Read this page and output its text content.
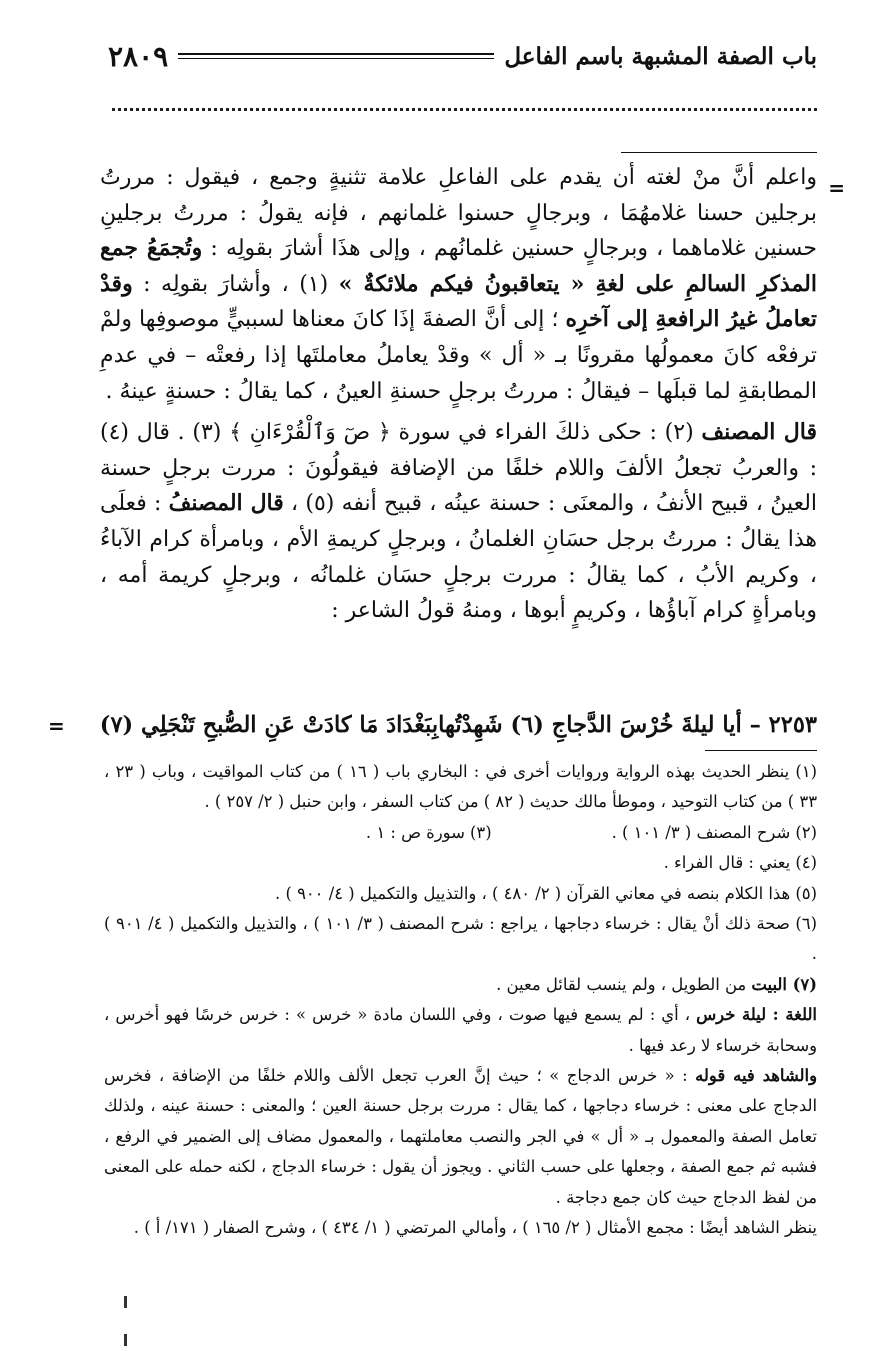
باب الصفة المشبهة باسم الفاعل
٢٨٠٩
=

واعلم أنَّ منْ لغته أن يقدم على الفاعلِ علامة تثنيةٍ وجمع ، فيقول : مررتُ برجلين حسنا غلامهُمَا ، وبرجالٍ حسنوا غلمانهم ، فإنه يقولُ : مررتُ برجلينِ حسنين غلاماهما ، وبرجالٍ حسنين غلمانُهم ، وإلى هذَا أشارَ بقولِه : وتُجمَعُ جمع المذكرِ السالمِ على لغةِ « يتعاقبونُ فيكم ملائكةٌ » (١) ، وأشارَ بقولِه : وقدْ تعاملُ غيرُ الرافعةِ إلى آخرِه ؛ إلى أنَّ الصفةَ إذَا كانَ معناها لسببيٍّ موصوفِها ولمْ ترفعْه كانَ معمولُها مقرونًا بـ « أل » وقدْ يعاملُ معاملتَها إذا رفعتْه – في عدمِ المطابقةِ لما قبلَها – فيقالُ : مررتُ برجلٍ حسنةِ العينُ ، كما يقالُ : حسنةٍ عينهُ .

قال المصنف (٢) : حكى ذلكَ الفراء في سورة ﴿ صٓ وَٱلْقُرْءَانِ ﴾ (٣) . قال (٤) : والعربُ تجعلُ الألفَ واللام خلفًا من الإضافة فيقولُونَ : مررت برجلٍ حسنة العينُ ، قبيح الأنفُ ، والمعنَى : حسنة عينُه ، قبيح أنفه (٥) ، قال المصنفُ : فعلَى هذا يقالُ : مررتُ برجل حسَانِ الغلمانُ ، وبرجلٍ كريمةِ الأم ، وبامرأة كرام الآباءُ ، وكريم الأبُ ، كما يقالُ : مررت برجلٍ حسَان غلمانُه ، وبرجلٍ كريمة أمه ، وبامرأةٍ كرام آباؤُها ، وكريمٍ أبوها ، ومنهُ قولُ الشاعر :

٢٢٥٣ – أيا ليلةَ خُرْسَ الدَّجاجِ (٦) شَهِدْتُها
بِبَغْدَادَ مَا كادَتْ عَنِ الصُّبحِ تَنْجَلِي (٧)
=

(١) ينظر الحديث بهذه الرواية وروايات أخرى في : البخاري باب ( ١٦ ) من كتاب المواقيت ، وباب ( ٢٣ ، ٣٣ ) من كتاب التوحيد ، وموطأ مالك حديث ( ٨٢ ) من كتاب السفر ، وابن حنبل ( ٢/ ٢٥٧ ) .

(٢) شرح المصنف ( ٣/ ١٠١ ) .
(٣) سورة ص : ١ .

(٤) يعني : قال الفراء .

(٥) هذا الكلام بنصه في معاني القرآن ( ٢/ ٤٨٠ ) ، والتذييل والتكميل ( ٤/ ٩٠٠ ) .

(٦) صحة ذلك أنْ يقال : خرساء دجاجها ، يراجع : شرح المصنف ( ٣/ ١٠١ ) ، والتذييل والتكميل ( ٤/ ٩٠١ ) .

(٧) البيت من الطويل ، ولم ينسب لقائل معين .

اللغة : ليلة خرس ، أي : لم يسمع فيها صوت ، وفي اللسان مادة « خرس » : خرس خرسًا فهو أخرس ، وسحابة خرساء لا رعد فيها .

والشاهد فيه قوله : « خرس الدجاج » ؛ حيث إنَّ العرب تجعل الألف واللام خلفًا من الإضافة ، فخرس الدجاج على معنى : خرساء دجاجها ، كما يقال : مررت برجل حسنة العين ؛ والمعنى : حسنة عينه ، ولذلك تعامل الصفة والمعمول بـ « أل » في الجر والنصب معاملتهما ، والمعمول مضاف إلى الضمير في الرفع ، فشبه ثم جمع الصفة ، وجعلها على حسب الثاني . ويجوز أن يقول : خرساء الدجاج ، لكنه حمله على المعنى من لفظ الدجاج حيث كان جمع دجاجة .

ينظر الشاهد أيضًا : مجمع الأمثال ( ٢/ ١٦٥ ) ، وأمالي المرتضي ( ١/ ٤٣٤ ) ، وشرح الصفار ( ١٧١/ أ ) .
